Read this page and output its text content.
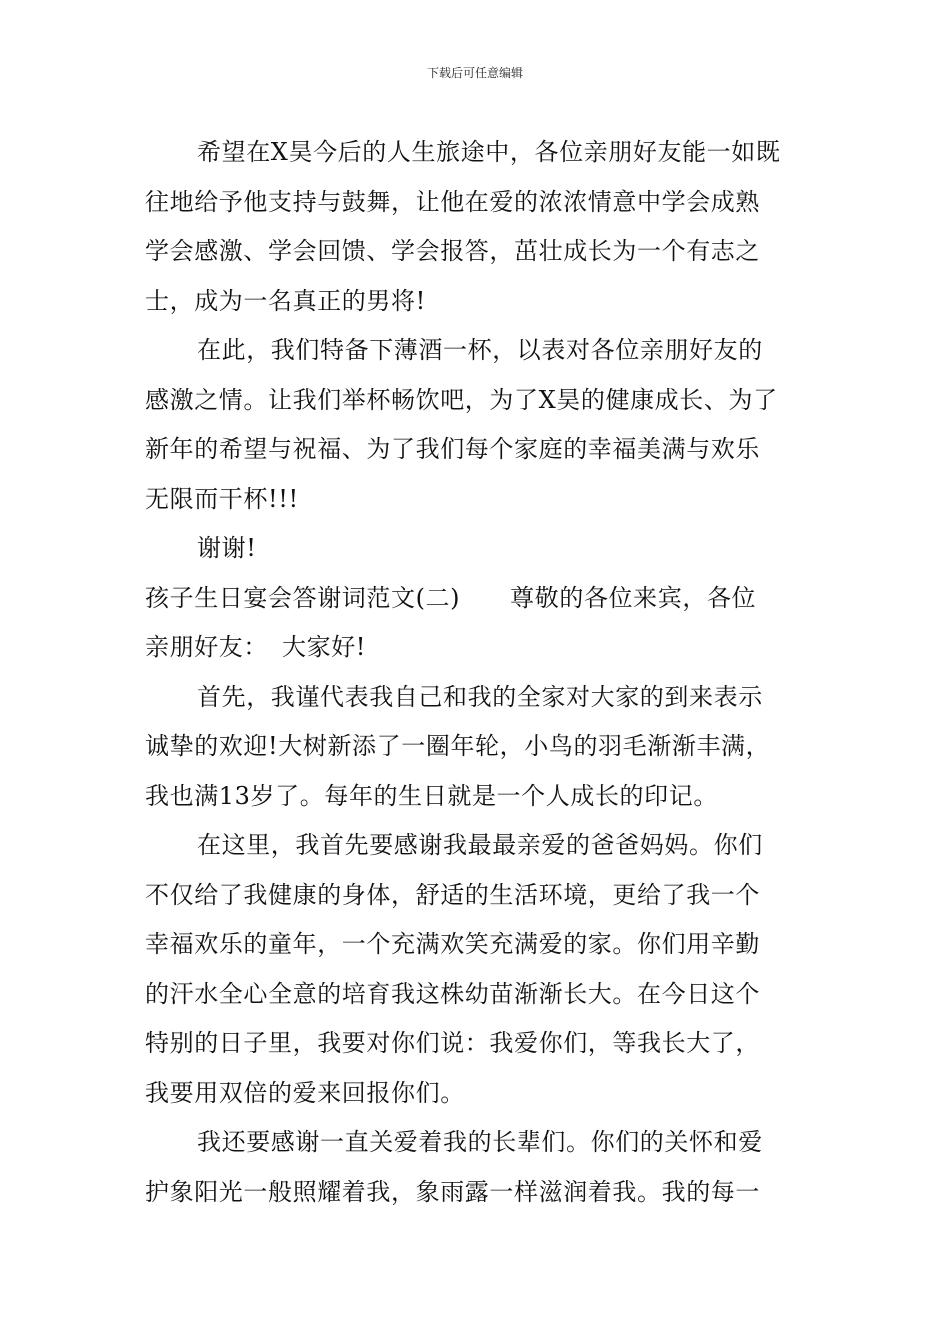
下载后可任意编辑
希望在X昊今后的人生旅途中，各位亲朋好友能一如既
往地给予他支持与鼓舞，让他在爱的浓浓情意中学会成熟
学会感激、学会回馈、学会报答，茁壮成长为一个有志之
士，成为一名真正的男将!
在此，我们特备下薄酒一杯，以表对各位亲朋好友的
感激之情。让我们举杯畅饮吧，为了X昊的健康成长、为了
新年的希望与祝福、为了我们每个家庭的幸福美满与欢乐
无限而干杯!!!
谢谢!
孩子生日宴会答谢词范文(二) 尊敬的各位来宾，各位
亲朋好友： 大家好!
首先，我谨代表我自己和我的全家对大家的到来表示
诚挚的欢迎!大树新添了一圈年轮，小鸟的羽毛渐渐丰满，
我也满13岁了。每年的生日就是一个人成长的印记。
在这里，我首先要感谢我最最亲爱的爸爸妈妈。你们
不仅给了我健康的身体，舒适的生活环境，更给了我一个
幸福欢乐的童年，一个充满欢笑充满爱的家。你们用辛勤
的汗水全心全意的培育我这株幼苗渐渐长大。在今日这个
特别的日子里，我要对你们说：我爱你们，等我长大了，
我要用双倍的爱来回报你们。
我还要感谢一直关爱着我的长辈们。你们的关怀和爱
护象阳光一般照耀着我，象雨露一样滋润着我。我的每一
